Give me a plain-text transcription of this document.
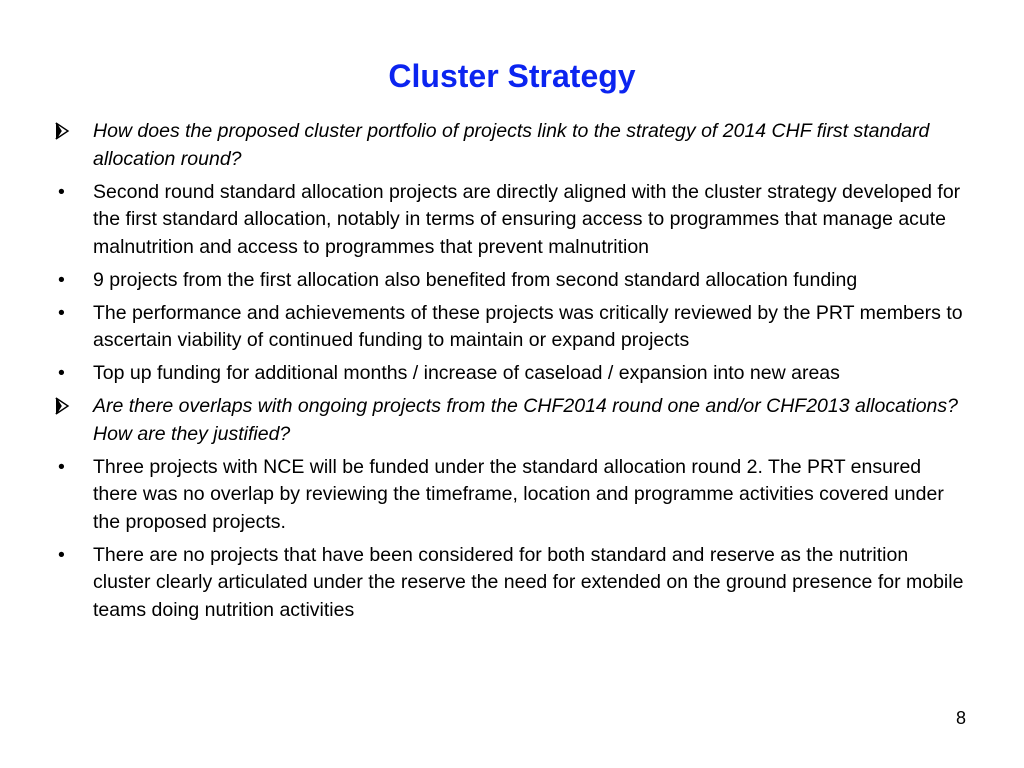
Cluster Strategy
How does the proposed cluster portfolio of projects link to the strategy of 2014 CHF first standard allocation round?
• Second round standard allocation projects are directly aligned with the cluster strategy developed for the first standard allocation, notably in terms of ensuring access to programmes that manage acute malnutrition and access to programmes that prevent malnutrition
• 9 projects from the first allocation also benefited from second standard allocation funding
• The performance and achievements of these projects was critically reviewed by the PRT members to ascertain viability of continued funding to maintain or expand projects
• Top up funding for additional months / increase of caseload / expansion into new areas
Are there overlaps with ongoing projects from the CHF2014 round one and/or CHF2013 allocations? How are they justified?
• Three projects with NCE will be funded under the standard allocation round 2. The PRT ensured there was no overlap by reviewing the timeframe, location and programme activities covered under the proposed projects.
• There are no projects that have been considered for both standard and reserve as the nutrition cluster clearly articulated under the reserve the need for extended on the ground presence for mobile teams doing nutrition activities
8
